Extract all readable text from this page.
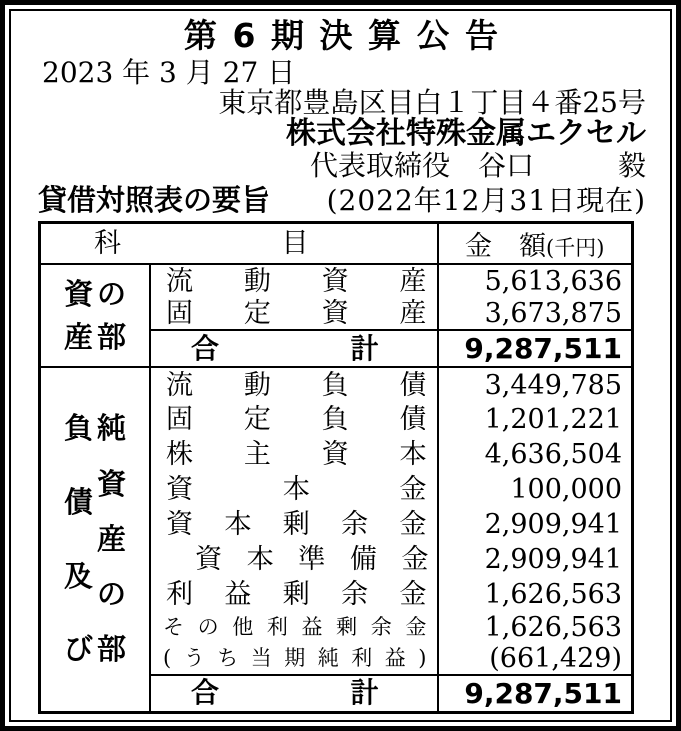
第 6 期 決 算 公 告
2023 年 3 月 27 日
東京都豊島区目白１丁目４番25号
株式会社特殊金属エクセル
代表取締役　谷口　　　毅
貸借対照表の要旨 (2022年12月31日現在)
科 目		金　額(千円)

資
産
の
部

流 動 資 産	5,613,636

	固 定 資 産	3,673,875

	合 計	9,287,511

負
債
及
び
純
資
産
の
部

流 動 負 債	3,449,785

	固 定 負 債	1,201,221

	株 主 資 本	4,636,504

	資 本 金	100,000

	資 本 剰 余 金	2,909,941

	資 本 準 備 金	2,909,941

	利 益 剰 余 金	1,626,563

そ の 他 利 益 剰 余 金	1,626,563

( う ち 当 期 純 利 益 )	(661,429)

	合 計	9,287,511
